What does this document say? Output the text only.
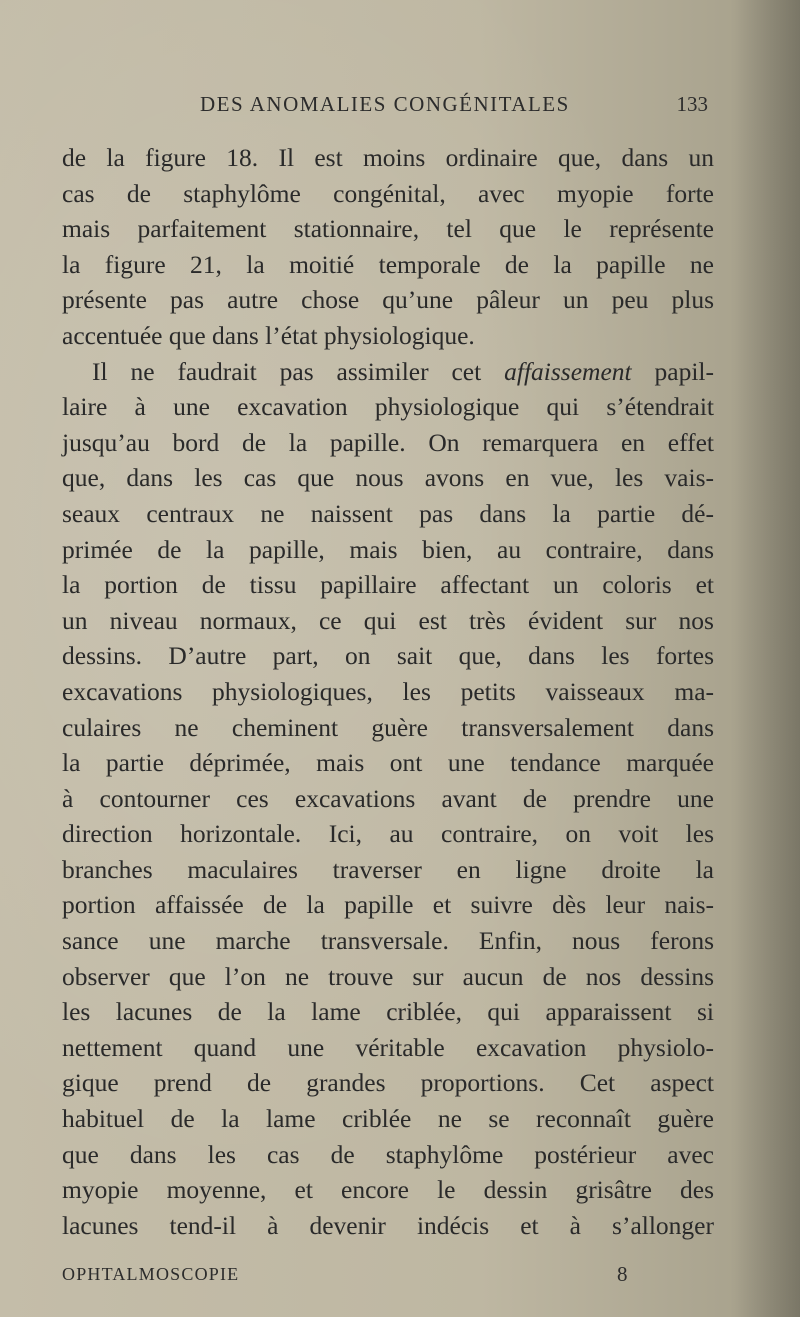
DES ANOMALIES CONGÉNITALES	133
de la figure 18. Il est moins ordinaire que, dans un
cas de staphylôme congénital, avec myopie forte
mais parfaitement stationnaire, tel que le représente
la figure 21, la moitié temporale de la papille ne
présente pas autre chose qu’une pâleur un peu plus
accentuée que dans l’état physiologique.
Il ne faudrait pas assimiler cet affaissement papil-
laire à une excavation physiologique qui s’étendrait
jusqu’au bord de la papille. On remarquera en effet
que, dans les cas que nous avons en vue, les vais-
seaux centraux ne naissent pas dans la partie dé-
primée de la papille, mais bien, au contraire, dans
la portion de tissu papillaire affectant un coloris et
un niveau normaux, ce qui est très évident sur nos
dessins. D’autre part, on sait que, dans les fortes
excavations physiologiques, les petits vaisseaux ma-
culaires ne cheminent guère transversalement dans
la partie déprimée, mais ont une tendance marquée
à contourner ces excavations avant de prendre une
direction horizontale. Ici, au contraire, on voit les
branches maculaires traverser en ligne droite la
portion affaissée de la papille et suivre dès leur nais-
sance une marche transversale. Enfin, nous ferons
observer que l’on ne trouve sur aucun de nos dessins
les lacunes de la lame criblée, qui apparaissent si
nettement quand une véritable excavation physiolo-
gique prend de grandes proportions. Cet aspect
habituel de la lame criblée ne se reconnaît guère
que dans les cas de staphylôme postérieur avec
myopie moyenne, et encore le dessin grisâtre des
lacunes tend-il à devenir indécis et à s’allonger
OPHTALMOSCOPIE	8
